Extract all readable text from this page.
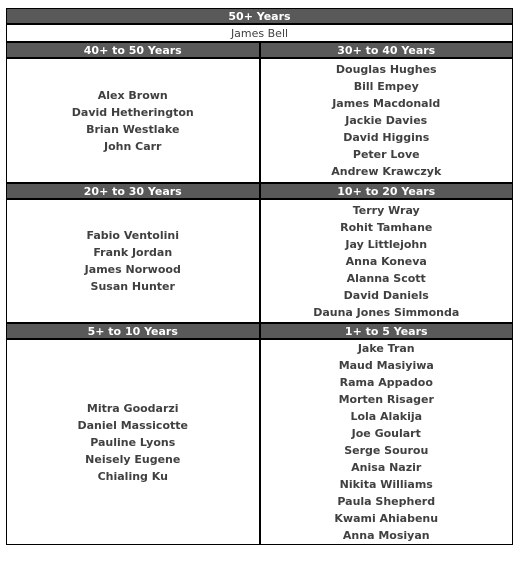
50+ Years
James Bell
40+ to 50 Years
Alex Brown
David Hetherington
Brian Westlake
John Carr
30+ to 40 Years
Douglas Hughes
Bill Empey
James Macdonald
Jackie Davies
David Higgins
Peter Love
Andrew Krawczyk
20+ to 30 Years
Fabio Ventolini
Frank Jordan
James Norwood
Susan Hunter
10+ to 20 Years
Terry Wray
Rohit Tamhane
Jay Littlejohn
Anna Koneva
Alanna Scott
David Daniels
Dauna Jones Simmonda
5+ to 10 Years
Mitra Goodarzi
Daniel Massicotte
Pauline Lyons
Neisely Eugene
Chialing Ku
1+ to 5 Years
Jake Tran
Maud Masiyiwa
Rama Appadoo
Morten Risager
Lola Alakija
Joe Goulart
Serge Sourou
Anisa Nazir
Nikita Williams
Paula Shepherd
Kwami Ahiabenu
Anna Mosiyan
